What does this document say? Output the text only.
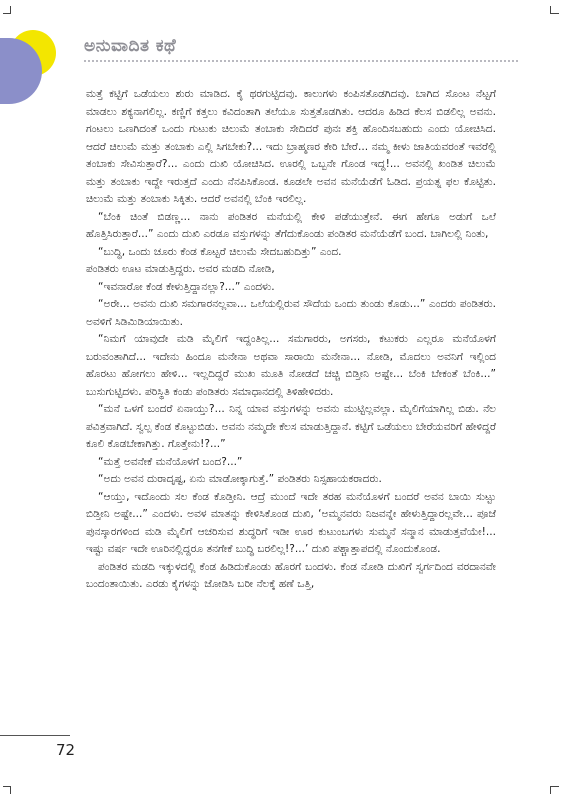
ಅನುವಾದಿತ ಕಥೆ

ಮತ್ತೆ ಕಟ್ಟಿಗೆ ಒಡೆಯಲು ಶುರು ಮಾಡಿದ. ಕೈ ಥರಗುಟ್ಟಿದವು. ಕಾಲುಗಳು ಕಂಪಿಸತೊಡಗಿದವು. ಬಾಗಿದ ಸೊಂಟ ನೆಟ್ಟಗೆ ಮಾಡಲು ಶಕ್ಯನಾಗಲಿಲ್ಲ. ಕಣ್ಣಿಗೆ ಕತ್ತಲು ಕವಿದಂತಾಗಿ ತಲೆಯೂ ಸುತ್ತತೊಡಗಿತು. ಆದರೂ ಹಿಡಿದ ಕೆಲಸ ಬಿಡಲಿಲ್ಲ ಅವನು. ಗಂಟಲು ಒಣಗಿದಂತೆ ಒಂದು ಗುಟುಕು ಚಿಲುಮೆ ತಂಬಾಕು ಸೇದಿದರೆ ಪುನಃ ಶಕ್ತಿ ಹೊಂದಿಸಬಹುದು ಎಂದು ಯೋಚಿಸಿದ. ಆದರೆ ಚಿಲುಮೆ ಮತ್ತು ತಂಬಾಕು ಎಲ್ಲಿ ಸಿಗಬೇಕು?... ಇದು ಬ್ರಾಹ್ಮಣರ ಕೇರಿ ಬೇರೆ... ನಮ್ಮ ಕೀಳು ಜಾತಿಯವರಂತೆ ಇವರೆಲ್ಲಿ ತಂಬಾಕು ಸೇವಿಸುತ್ತಾರೆ?... ಎಂದು ದುಖಿ ಯೋಚಿಸಿದ. ಊರಲ್ಲಿ ಒಬ್ಬನೇ ಗೊಂಡ ಇದ್ದ!... ಅವನಲ್ಲಿ ಖಂಡಿತ ಚಿಲುಮೆ ಮತ್ತು ತಂಬಾಕು ಇದ್ದೇ ಇರುತ್ತದೆ ಎಂದು ನೆನಪಿಸಿಕೊಂಡ. ಕೂಡಲೇ ಅವನ ಮನೆಯೆಡೆಗೆ ಓಡಿದ. ಪ್ರಯತ್ನ ಫಲ ಕೊಟ್ಟಿತು. ಚಿಲುಮೆ ಮತ್ತು ತಂಬಾಕು ಸಿಕ್ಕಿತು. ಆದರೆ ಅವನಲ್ಲಿ ಬೆಂಕಿ ಇರಲಿಲ್ಲ.

“ಬೆಂಕಿ ಚಿಂತೆ ಬಿಡಣ್ಣ... ನಾನು ಪಂಡಿತರ ಮನೆಯಲ್ಲಿ ಕೇಳಿ ಪಡೆಯುತ್ತೇನೆ. ಈಗ ಹೇಗೂ ಅಡುಗೆ ಒಲೆ ಹೊತ್ತಿಸಿರುತ್ತಾರೆ...” ಎಂದು ದುಖಿ ಎರಡೂ ವಸ್ತುಗಳನ್ನು ತೆಗೆದುಕೊಂಡು ಪಂಡಿತರ ಮನೆಯೆಡೆಗೆ ಬಂದ. ಬಾಗಿಲಲ್ಲಿ ನಿಂತು,

“ಬುದ್ಧಿ, ಒಂದು ಚೂರು ಕೆಂಡ ಕೊಟ್ಟರೆ ಚಿಲುಮೆ ಸೇದಬಹುದಿತ್ತು” ಎಂದ.

ಪಂಡಿತರು ಊಟ ಮಾಡುತ್ತಿದ್ದರು. ಅವರ ಮಡದಿ ನೋಡಿ,

“ಇವನಾರೋ ಕೆಂಡ ಕೇಳುತ್ತಿದ್ದಾನಲ್ಲಾ?...” ಎಂದಳು.

“ಅರೇ... ಅವನು ದುಖಿ ಸಮಗಾರನಲ್ಲವಾ... ಒಲೆಯಲ್ಲಿರುವ ಸೌದೆಯ ಒಂದು ತುಂಡು ಕೊಡು...” ಎಂದರು ಪಂಡಿತರು. ಅವಳಿಗೆ ಸಿಡಿಮಿಡಿಯಾಯಿತು.

“ನಿಮಗೆ ಯಾವುದೇ ಮಡಿ ಮೈಲಿಗೆ ಇದ್ದಂತಿಲ್ಲ... ಸಮಗಾರರು, ಅಗಸರು, ಕಟುಕರು ಎಲ್ಲರೂ ಮನೆಯೊಳಗೆ ಬರುವಂತಾಗಿದೆ... ಇದೇನು ಹಿಂದೂ ಮನೇನಾ ಅಥವಾ ಸಾರಾಯಿ ಮನೇನಾ... ನೋಡಿ, ಮೊದಲು ಅವನಿಗೆ ಇಲ್ಲಿಂದ ಹೊರಟು ಹೋಗಲು ಹೇಳಿ... ಇಲ್ಲದಿದ್ದರೆ ಮುಖ ಮೂತಿ ನೋಡದೆ ಚಚ್ಚಿ ಬಿಡ್ತೀನಿ ಅಷ್ಟೇ... ಬೆಂಕಿ ಬೇಕಂತೆ ಬೆಂಕಿ...” ಬುಸುಗುಟ್ಟಿದಳು. ಪರಿಸ್ಥಿತಿ ಕಂಡು ಪಂಡಿತರು ಸಮಾಧಾನದಲ್ಲಿ ತಿಳಿಹೇಳಿದರು.

“ಮನೆ ಒಳಗೆ ಬಂದರೆ ಏನಾಯ್ತು?... ನಿನ್ನ ಯಾವ ವಸ್ತುಗಳನ್ನು ಅವನು ಮುಟ್ಟಿಲ್ಲವಲ್ಲಾ. ಮೈಲಿಗೆಯಾಗಿಲ್ಲ ಬಿಡು. ನೆಲ ಪವಿತ್ರವಾಗಿದೆ. ಸ್ವಲ್ಪ ಕೆಂಡ ಕೊಟ್ಟುಬಿಡು. ಅವನು ನಮ್ಮದೇ ಕೆಲಸ ಮಾಡುತ್ತಿದ್ದಾನೆ. ಕಟ್ಟಿಗೆ ಒಡೆಯಲು ಬೇರೆಯವರಿಗೆ ಹೇಳಿದ್ದರೆ ಕೂಲಿ ಕೊಡಬೇಕಾಗಿತ್ತು. ಗೊತ್ತೇನು!?...”

“ಮತ್ತೆ ಅವನೇಕೆ ಮನೆಯೊಳಗೆ ಬಂದ?...”

“ಅದು ಅವನ ದುರಾದೃಷ್ಟ, ಏನು ಮಾಡೋಕ್ಕಾಗುತ್ತೆ.” ಪಂಡಿತರು ನಿಸ್ಸಹಾಯಕರಾದರು.

“ಆಯ್ತು, ಇದೊಂದು ಸಲ ಕೆಂಡ ಕೊಡ್ತೀನಿ. ಆದ್ರೆ ಮುಂದೆ ಇದೇ ತರಹ ಮನೆಯೊಳಗೆ ಬಂದರೆ ಅವನ ಬಾಯಿ ಸುಟ್ಟು ಬಿಡ್ತೀನಿ ಅಷ್ಟೇ...” ಎಂದಳು. ಅವಳ ಮಾತನ್ನು ಕೇಳಿಸಿಕೊಂಡ ದುಖಿ, ‘ಅಮ್ಮನವರು ನಿಜವನ್ನೇ ಹೇಳುತ್ತಿದ್ದಾರಲ್ಲವೇ... ಪೂಜೆ ಪುನಸ್ಕಾರಗಳಿಂದ ಮಡಿ ಮೈಲಿಗೆ ಆಚರಿಸುವ ಶುದ್ಧರಿಗೆ ಇಡೀ ಊರ ಕುಟುಂಬಗಳು ಸುಮ್ಮನೆ ಸನ್ಮಾನ ಮಾಡುತ್ತವೆಯೇ!... ಇಷ್ಟು ವರ್ಷ ಇದೇ ಊರಿನಲ್ಲಿದ್ದರೂ ತನಗೇಕೆ ಬುದ್ಧಿ ಬರಲಿಲ್ಲ!?...’ ದುಖಿ ಪಶ್ಚಾತ್ತಾಪದಲ್ಲಿ ನೊಂದುಕೊಂಡ.

ಪಂಡಿತರ ಮಡದಿ ಇಕ್ಕುಳದಲ್ಲಿ ಕೆಂಡ ಹಿಡಿದುಕೊಂಡು ಹೊರಗೆ ಬಂದಳು. ಕೆಂಡ ನೋಡಿ ದುಖಿಗೆ ಸ್ವರ್ಗದಿಂದ ವರದಾನವೇ ಬಂದಂತಾಯಿತು. ಎರಡು ಕೈಗಳನ್ನು ಜೋಡಿಸಿ ಬರೀ ನೆಲಕ್ಕೆ ಹಣೆ ಒತ್ತಿ,

72
